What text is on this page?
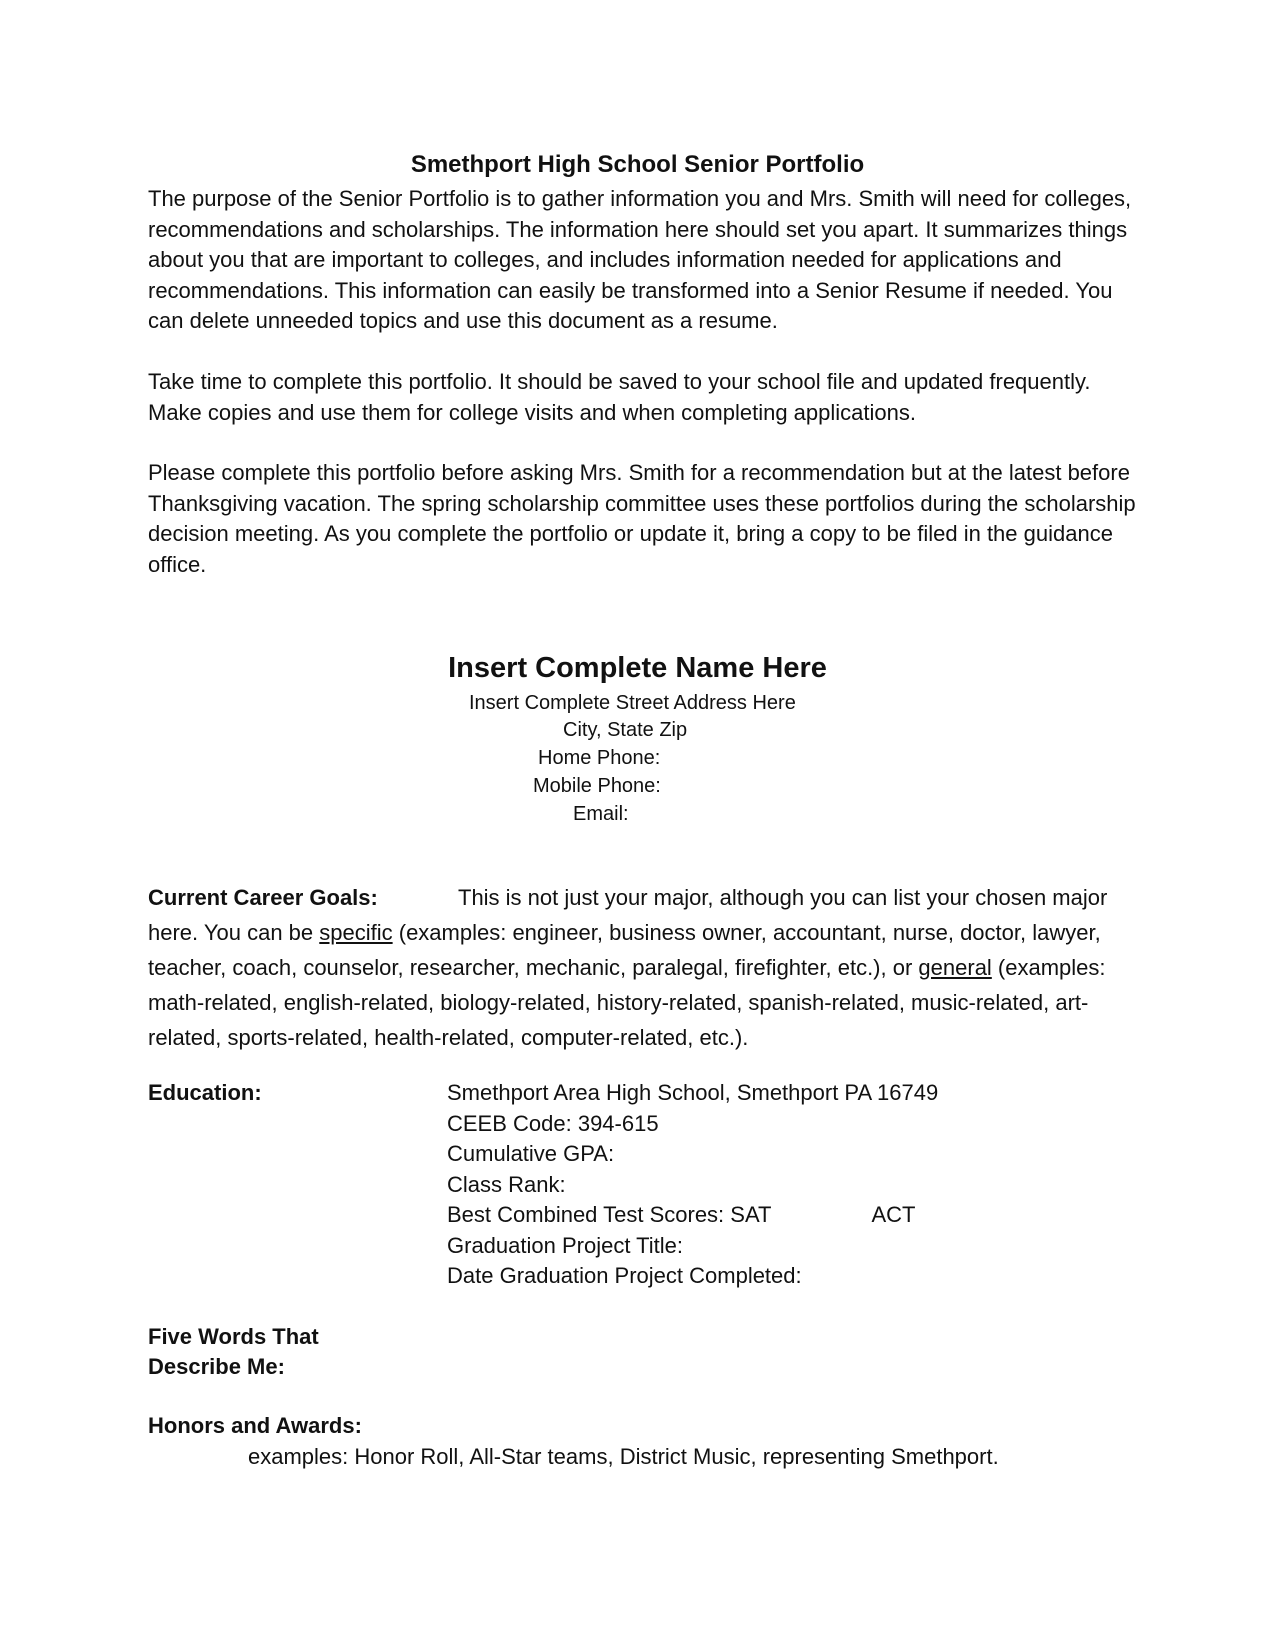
Smethport High School Senior Portfolio

The purpose of the Senior Portfolio is to gather information you and Mrs. Smith will need for colleges, recommendations and scholarships. The information here should set you apart. It summarizes things about you that are important to colleges, and includes information needed for applications and recommendations. This information can easily be transformed into a Senior Resume if needed. You can delete unneeded topics and use this document as a resume.

Take time to complete this portfolio. It should be saved to your school file and updated frequently. Make copies and use them for college visits and when completing applications.

Please complete this portfolio before asking Mrs. Smith for a recommendation but at the latest before Thanksgiving vacation. The spring scholarship committee uses these portfolios during the scholarship decision meeting. As you complete the portfolio or update it, bring a copy to be filed in the guidance office.

Insert Complete Name Here
Insert Complete Street Address Here
City, State Zip
Home Phone:
Mobile Phone:
Email:

Current Career Goals:	This is not just your major, although you can list your chosen major here. You can be specific (examples: engineer, business owner, accountant, nurse, doctor, lawyer, teacher, coach, counselor, researcher, mechanic, paralegal, firefighter, etc.), or general (examples: math-related, english-related, biology-related, history-related, spanish-related, music-related, art-related, sports-related, health-related, computer-related, etc.).

Education:	Smethport Area High School, Smethport PA 16749
CEEB Code: 394-615
Cumulative GPA:
Class Rank:
Best Combined Test Scores: SAT	ACT
Graduation Project Title:
Date Graduation Project Completed:
Five Words That
Describe Me:
Honors and Awards:
examples: Honor Roll, All-Star teams, District Music, representing Smethport.
